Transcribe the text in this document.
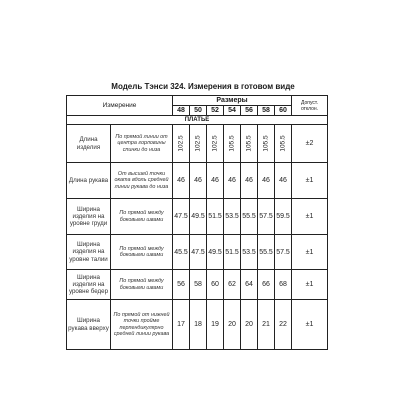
Модель Тэнси 324. Измерения в готовом виде
Измерение		Размеры							Допуст. отклон.
		48	50	52	54	56	58	60	
ПЛАТЬЕ									
Длина изделия	По прямой линии от центра горловины спинки до низа	102.5	102.5	102.5	105.5	105.5	105.5	105.5	±2
Длина рукава	От высшей точки оката вдоль средней линии рукава до низа	46	46	46	46	46	46	46	±1
Ширина изделия на уровне груди	По прямой между боковыми швами	47.5	49.5	51.5	53.5	55.5	57.5	59.5	±1
Ширина изделия на уровне талии	По прямой между боковыми швами	45.5	47.5	49.5	51.5	53.5	55.5	57.5	±1
Ширина изделия на уровне бедер	По прямой между боковыми швами	56	58	60	62	64	66	68	±1
Ширина рукава вверху	По прямой от нижней точки пройме перпендикулярно средней линии рукава	17	18	19	20	20	21	22	±1
